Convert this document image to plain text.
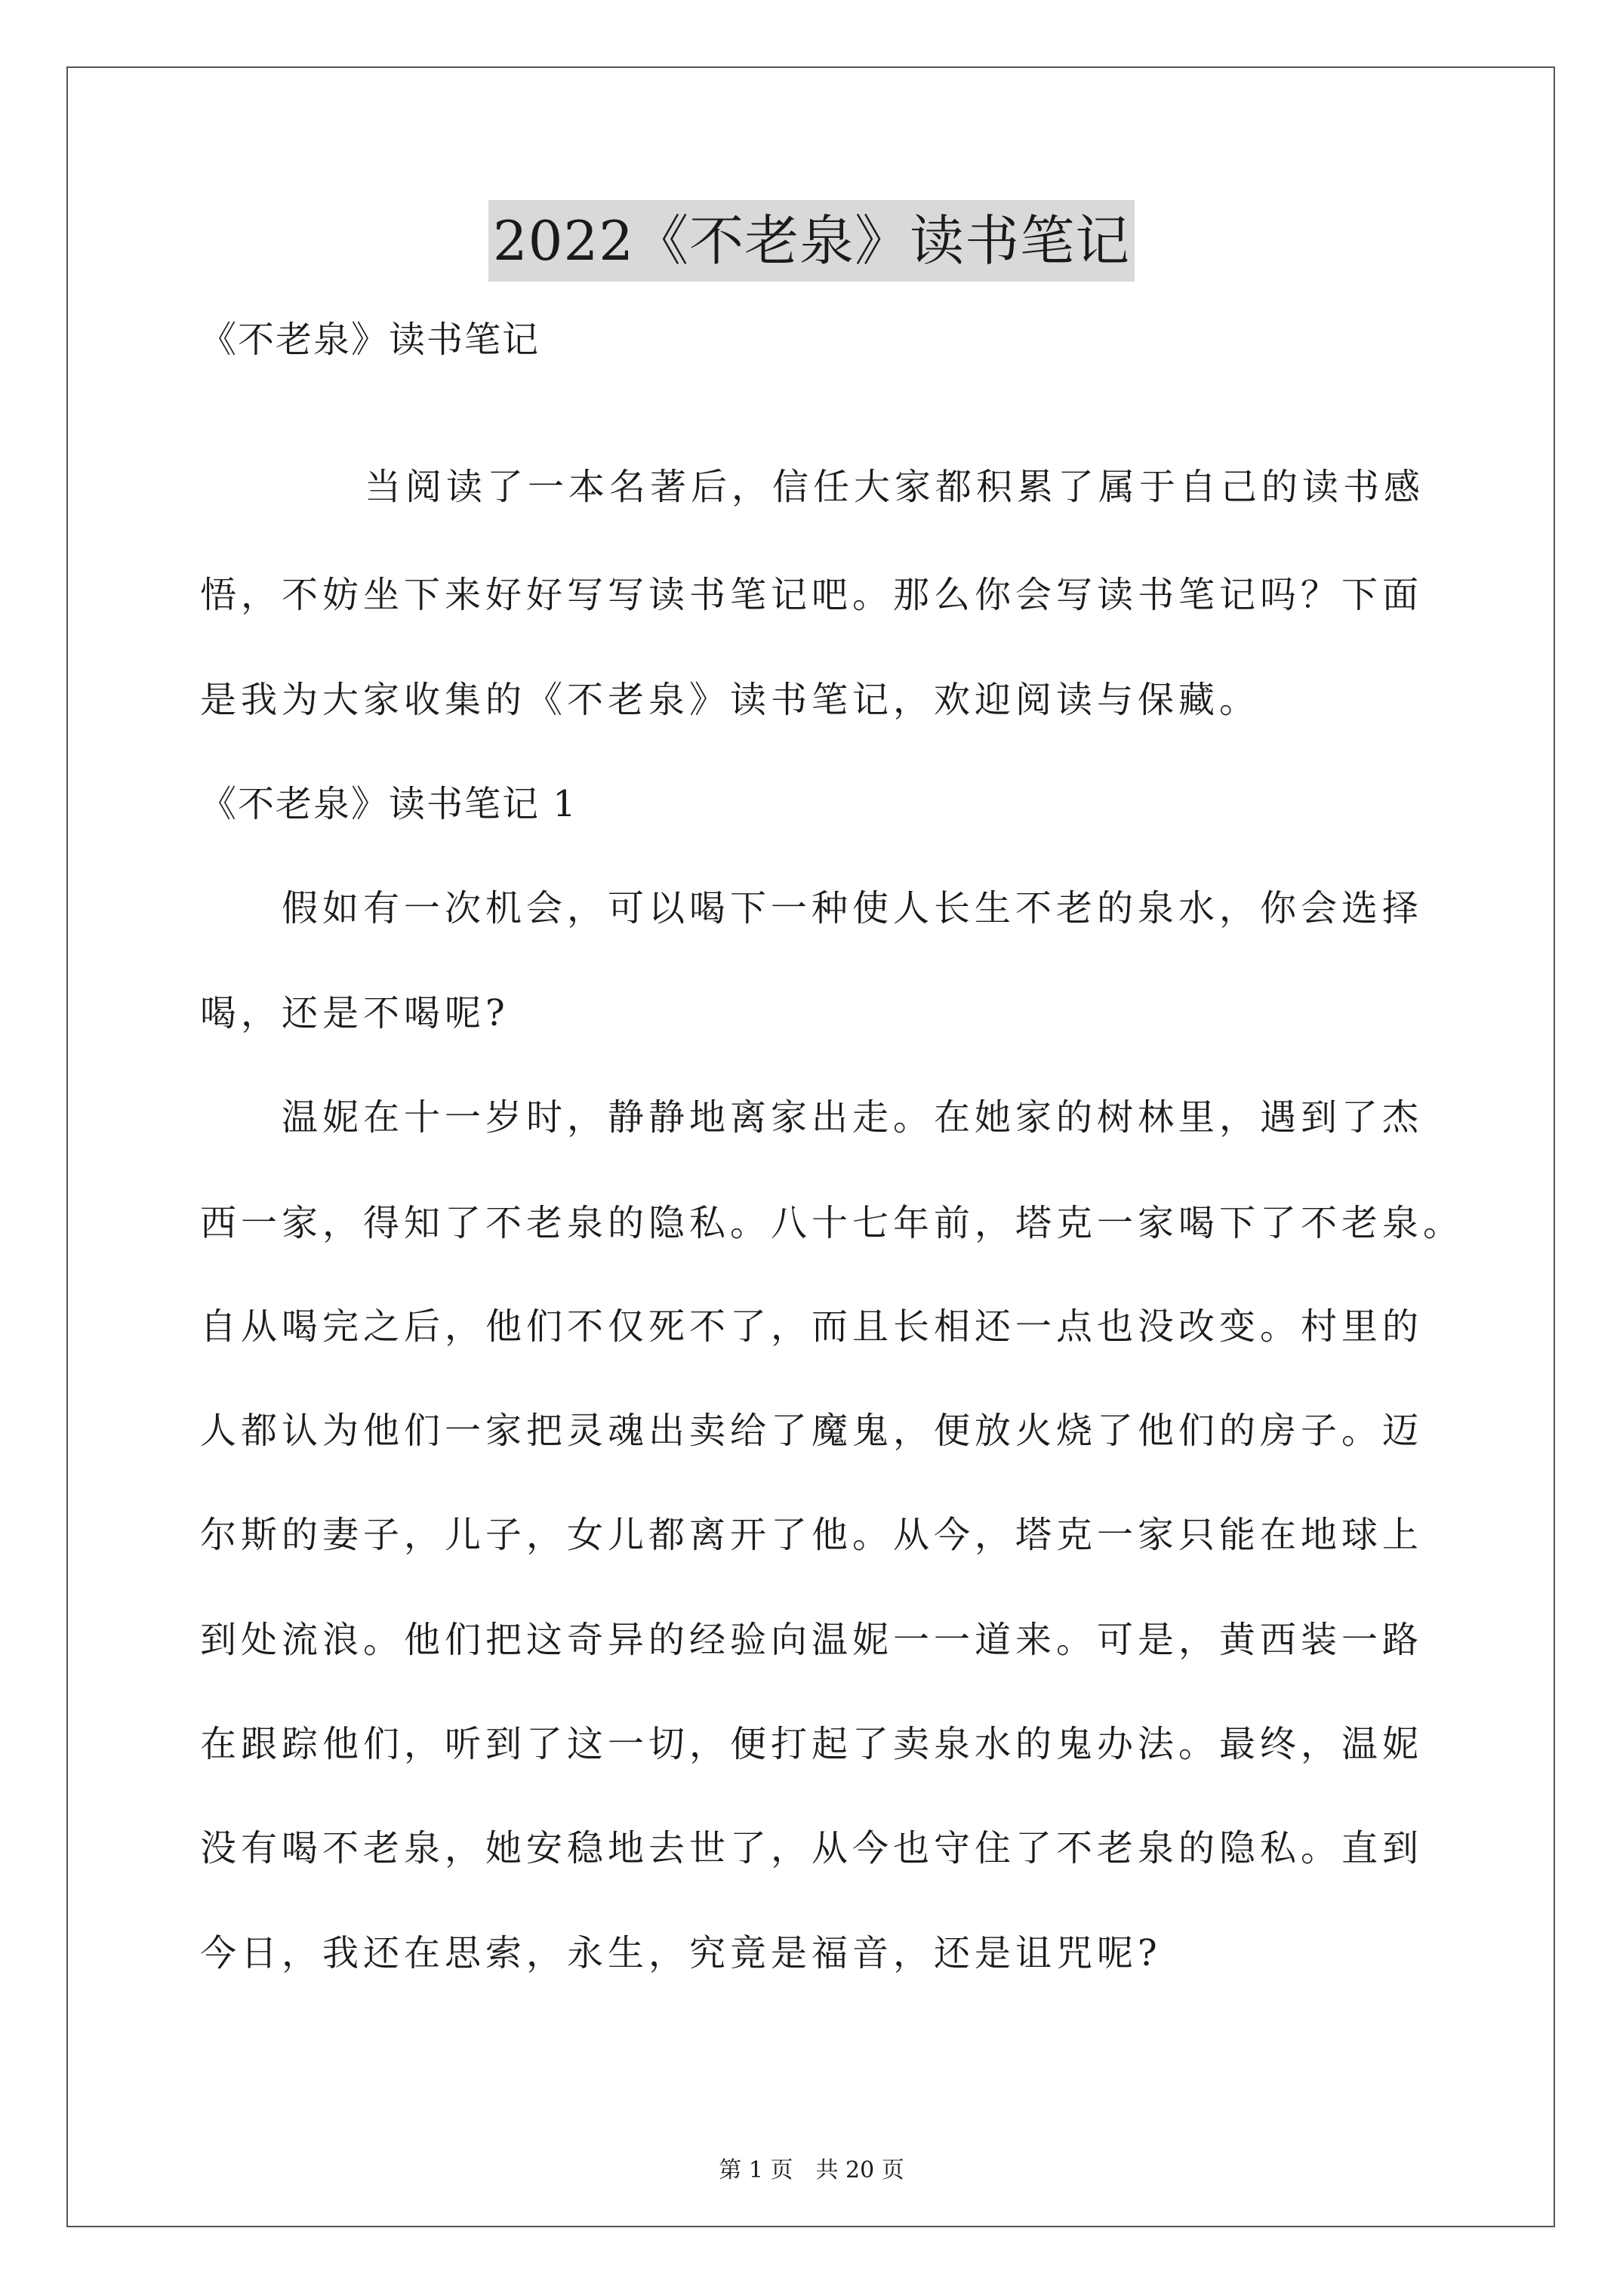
2022《不老泉》读书笔记
《不老泉》读书笔记
当阅读了一本名著后，信任大家都积累了属于自己的读书感
悟，不妨坐下来好好写写读书笔记吧。那么你会写读书笔记吗？下面
是我为大家收集的《不老泉》读书笔记，欢迎阅读与保藏。
《不老泉》读书笔记 1
假如有一次机会，可以喝下一种使人长生不老的泉水，你会选择
喝，还是不喝呢?
温妮在十一岁时，静静地离家出走。在她家的树林里，遇到了杰
西一家，得知了不老泉的隐私。八十七年前，塔克一家喝下了不老泉。
自从喝完之后，他们不仅死不了，而且长相还一点也没改变。村里的
人都认为他们一家把灵魂出卖给了魔鬼，便放火烧了他们的房子。迈
尔斯的妻子，儿子，女儿都离开了他。从今，塔克一家只能在地球上
到处流浪。他们把这奇异的经验向温妮一一道来。可是，黄西装一路
在跟踪他们，听到了这一切，便打起了卖泉水的鬼办法。最终，温妮
没有喝不老泉，她安稳地去世了，从今也守住了不老泉的隐私。直到
今日，我还在思索，永生，究竟是福音，还是诅咒呢?
第 1 页　共 20 页
